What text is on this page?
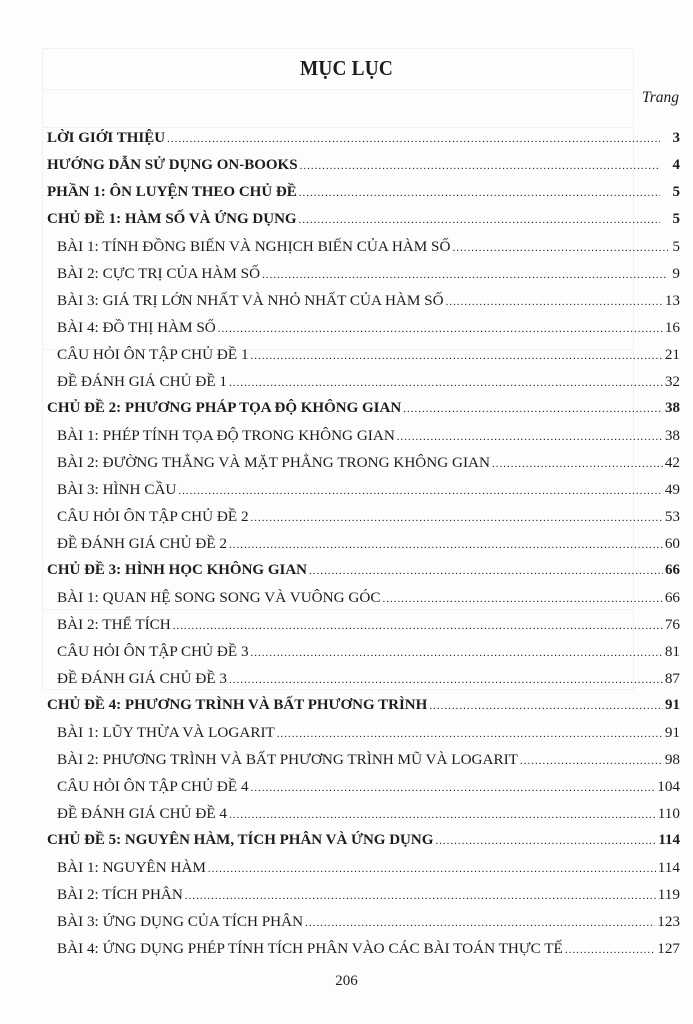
MỤC LỤC
Trang
LỜI GIỚI THIỆU .....	3
HƯỚNG DẪN SỬ DỤNG ON-BOOKS .....	4
PHẦN 1: ÔN LUYỆN THEO CHỦ ĐỀ .....	5
CHỦ ĐỀ 1: HÀM SỐ VÀ ỨNG DỤNG .....	5
BÀI 1: TÍNH ĐỒNG BIẾN VÀ NGHỊCH BIẾN CỦA HÀM SỐ .....	5
BÀI 2: CỰC TRỊ CỦA HÀM SỐ .....	9
BÀI 3: GIÁ TRỊ LỚN NHẤT VÀ NHỎ NHẤT CỦA HÀM SỐ .....	13
BÀI 4: ĐỒ THỊ HÀM SỐ .....	16
CÂU HỎI ÔN TẬP CHỦ ĐỀ 1 .....	21
ĐỀ ĐÁNH GIÁ CHỦ ĐỀ 1 .....	32
CHỦ ĐỀ 2: PHƯƠNG PHÁP TỌA ĐỘ KHÔNG GIAN .....	38
BÀI 1: PHÉP TÍNH TỌA ĐỘ TRONG KHÔNG GIAN .....	38
BÀI 2: ĐƯỜNG THẲNG VÀ MẶT PHẲNG TRONG KHÔNG GIAN .....	42
BÀI 3: HÌNH CẦU .....	49
CÂU HỎI ÔN TẬP CHỦ ĐỀ 2 .....	53
ĐỀ ĐÁNH GIÁ CHỦ ĐỀ 2 .....	60
CHỦ ĐỀ 3: HÌNH HỌC KHÔNG GIAN .....	66
BÀI 1: QUAN HỆ SONG SONG VÀ VUÔNG GÓC .....	66
BÀI 2: THỂ TÍCH .....	76
CÂU HỎI ÔN TẬP CHỦ ĐỀ 3 .....	81
ĐỀ ĐÁNH GIÁ CHỦ ĐỀ 3 .....	87
CHỦ ĐỀ 4: PHƯƠNG TRÌNH VÀ BẤT PHƯƠNG TRÌNH .....	91
BÀI 1: LŨY THỪA VÀ LOGARIT .....	91
BÀI 2: PHƯƠNG TRÌNH VÀ BẤT PHƯƠNG TRÌNH MŨ VÀ LOGARIT .....	98
CÂU HỎI ÔN TẬP CHỦ ĐỀ 4 .....	104
ĐỀ ĐÁNH GIÁ CHỦ ĐỀ 4 .....	110
CHỦ ĐỀ 5: NGUYÊN HÀM, TÍCH PHÂN VÀ ỨNG DỤNG .....	114
BÀI 1: NGUYÊN HÀM .....	114
BÀI 2: TÍCH PHÂN .....	119
BÀI 3: ỨNG DỤNG CỦA TÍCH PHÂN .....	123
BÀI 4: ỨNG DỤNG PHÉP TÍNH TÍCH PHÂN VÀO CÁC BÀI TOÁN THỰC TẾ .....	127
206
